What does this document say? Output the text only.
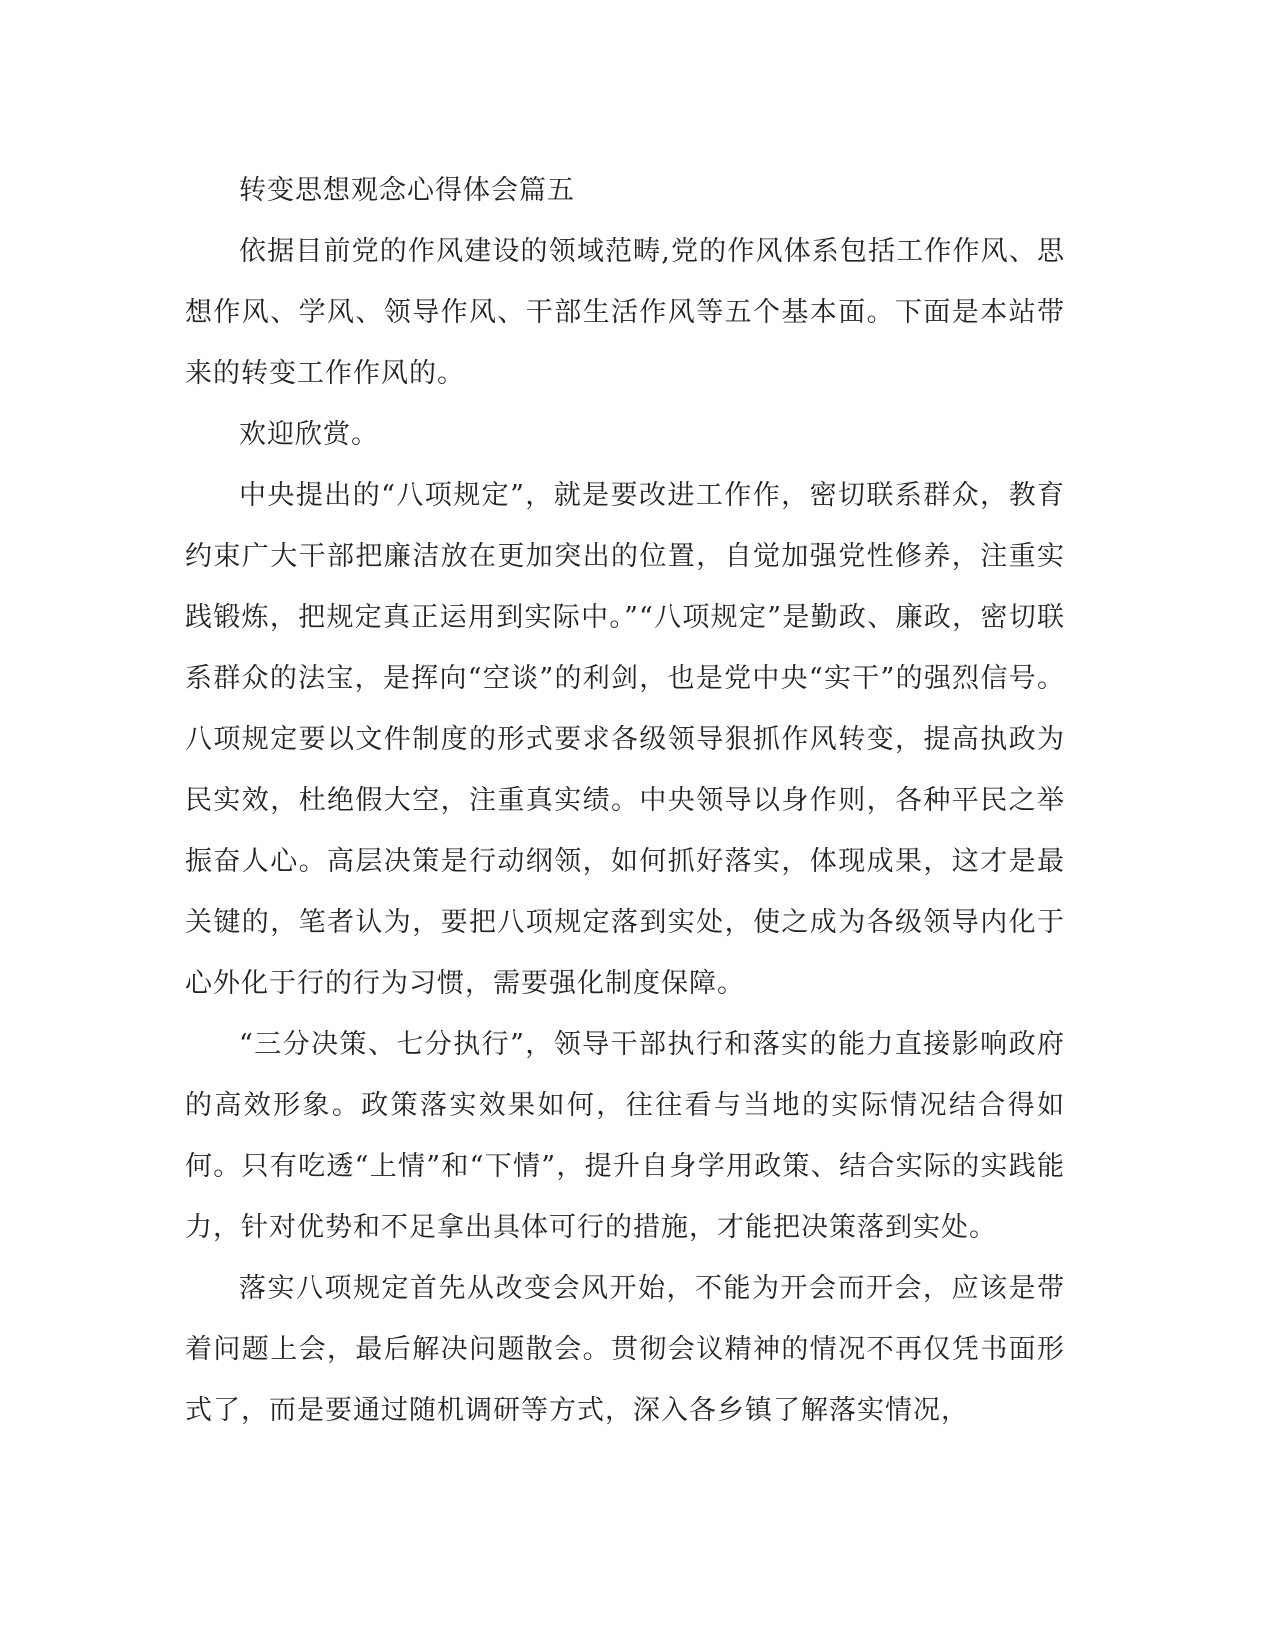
转变思想观念心得体会篇五

依据目前党的作风建设的领域范畴,党的作风体系包括工作作风、思想作风、学风、领导作风、干部生活作风等五个基本面。下面是本站带来的转变工作作风的。

欢迎欣赏。

中央提出的“八项规定”，就是要改进工作作，密切联系群众，教育约束广大干部把廉洁放在更加突出的位置，自觉加强党性修养，注重实践锻炼，把规定真正运用到实际中。”“八项规定”是勤政、廉政，密切联系群众的法宝，是挥向“空谈”的利剑，也是党中央“实干”的强烈信号。八项规定要以文件制度的形式要求各级领导狠抓作风转变，提高执政为民实效，杜绝假大空，注重真实绩。中央领导以身作则，各种平民之举振奋人心。高层决策是行动纲领，如何抓好落实，体现成果，这才是最关键的，笔者认为，要把八项规定落到实处，使之成为各级领导内化于心外化于行的行为习惯，需要强化制度保障。

“三分决策、七分执行”，领导干部执行和落实的能力直接影响政府的高效形象。政策落实效果如何，往往看与当地的实际情况结合得如何。只有吃透“上情”和“下情”，提升自身学用政策、结合实际的实践能力，针对优势和不足拿出具体可行的措施，才能把决策落到实处。

落实八项规定首先从改变会风开始，不能为开会而开会，应该是带着问题上会，最后解决问题散会。贯彻会议精神的情况不再仅凭书面形式了，而是要通过随机调研等方式，深入各乡镇了解落实情况，
